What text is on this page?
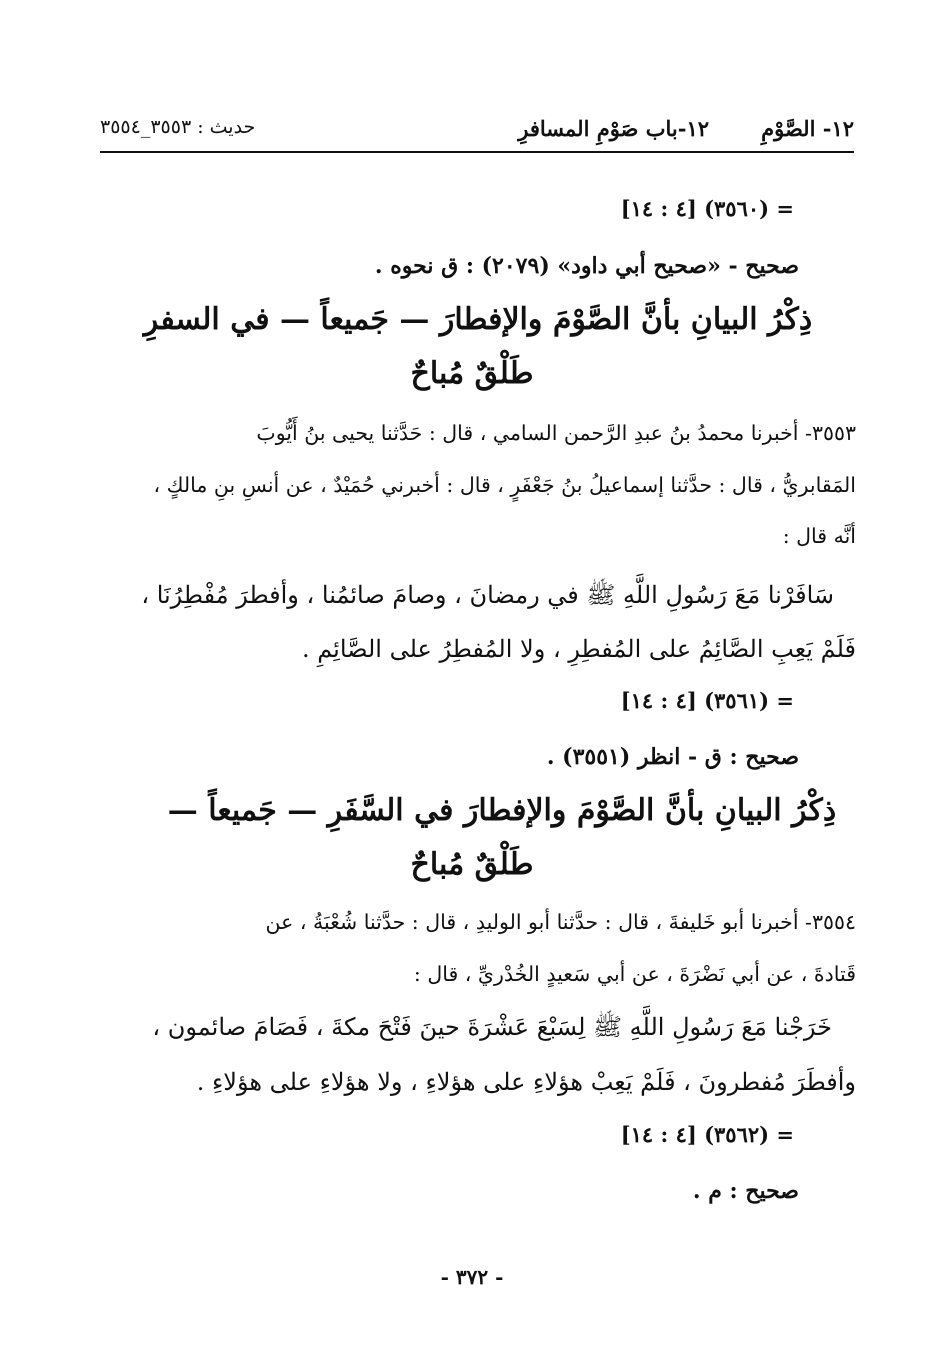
١٢- الصَّوْمِ
١٢-باب صَوْمِ المسافرِ
حديث : ٣٥٥٣_٣٥٥٤
= (٣٥٦٠) [٤ : ١٤]
صحيح - «صحيح أبي داود» (٢٠٧٩) : ق نحوه .
ذِكْرُ البيانِ بأنَّ الصَّوْمَ والإفطارَ — جَميعاً — في السفرِ
طَلْقٌ مُباحٌ
٣٥٥٣- أخبرنا محمدُ بنُ عبدِ الرَّحمن السامي ، قال : حَدَّثنا يحيى بنُ أَيُّوبَ
المَقابريُّ ، قال : حدَّثنا إسماعيلُ بنُ جَعْفَرٍ ، قال : أخبرني حُمَيْدٌ ، عن أنسِ بنِ مالكٍ ،
أنَّه قال :
سَافَرْنا مَعَ رَسُولِ اللَّهِ ﷺ في رمضانَ ، وصامَ صائمُنا ، وأفطرَ مُفْطِرُنَا ،
فَلَمْ يَعِبِ الصَّائِمُ على المُفطِرِ ، ولا المُفطِرُ على الصَّائِمِ .
= (٣٥٦١) [٤ : ١٤]
صحيح : ق - انظر (٣٥٥١) .
ذِكْرُ البيانِ بأنَّ الصَّوْمَ والإفطارَ في السَّفَرِ — جَميعاً —
طَلْقٌ مُباحٌ
٣٥٥٤- أخبرنا أبو خَليفةَ ، قال : حدَّثنا أبو الوليدِ ، قال : حدَّثنا شُعْبَةُ ، عن
قَتادةَ ، عن أبي نَضْرَةَ ، عن أبي سَعيدٍ الخُدْريِّ ، قال :
خَرَجْنا مَعَ رَسُولِ اللَّهِ ﷺ لِسَبْعَ عَشْرَةَ حينَ فَتْحَ مكةَ ، فَصَامَ صائمون ،
وأفطَرَ مُفطرونَ ، فَلَمْ يَعِبْ هؤلاءِ على هؤلاءِ ، ولا هؤلاءِ على هؤلاءِ .
= (٣٥٦٢) [٤ : ١٤]
صحيح : م .
- ٣٧٢ -
